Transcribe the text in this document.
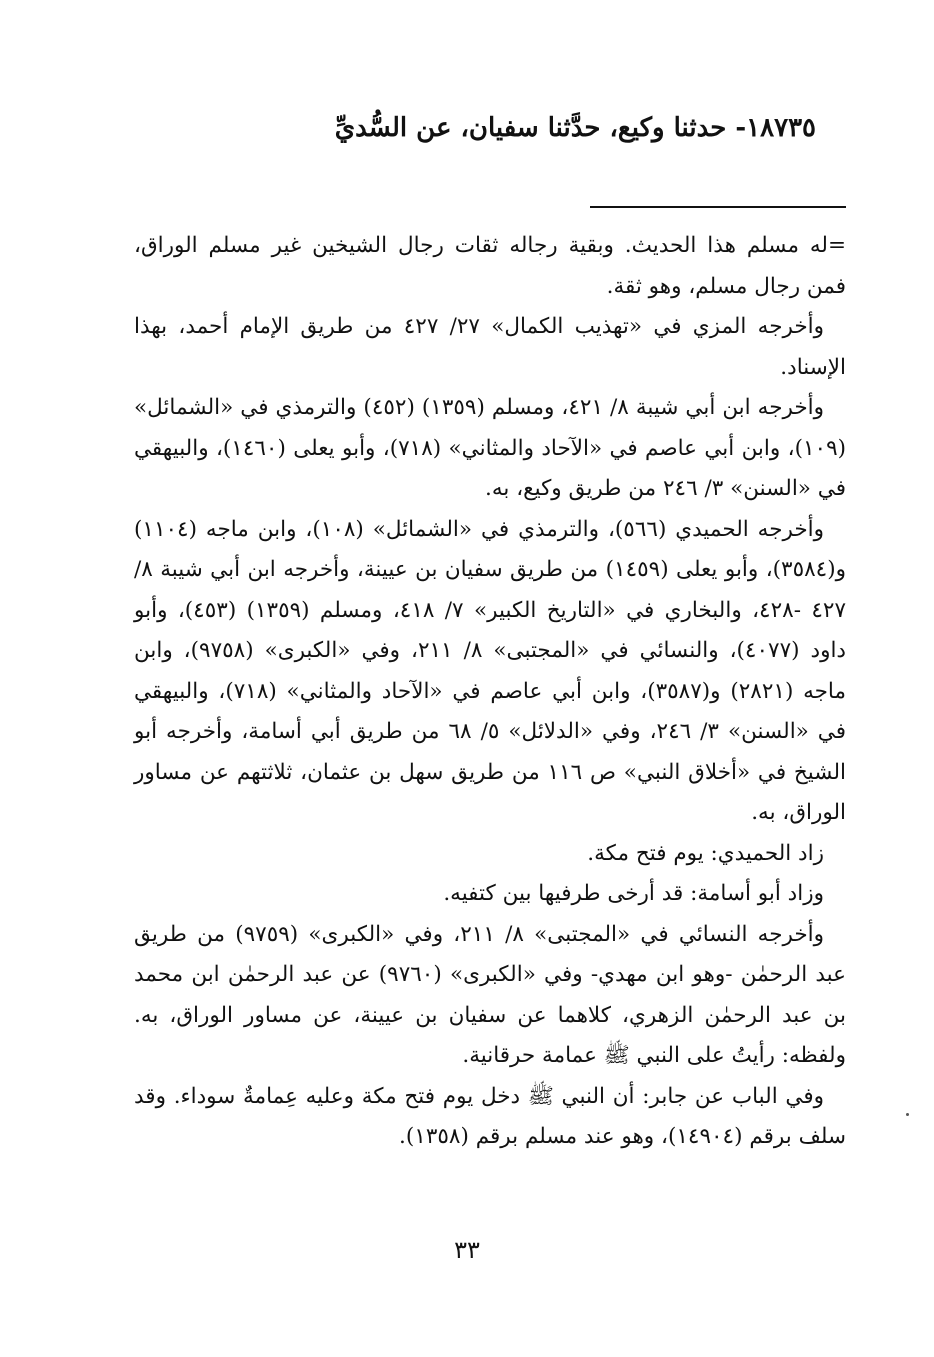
١٨٧٣٥- حدثنا وكيع، حدَّثنا سفيان، عن السُّديِّ

=له مسلم هذا الحديث. وبقية رجاله ثقات رجال الشيخين غير مسلم الوراق، فمن رجال مسلم، وهو ثقة.

وأخرجه المزي في «تهذيب الكمال» ٢٧/ ٤٢٧ من طريق الإمام أحمد، بهذا الإسناد.

وأخرجه ابن أبي شيبة ٨/ ٤٢١، ومسلم (١٣٥٩) (٤٥٢) والترمذي في «الشمائل» (١٠٩)، وابن أبي عاصم في «الآحاد والمثاني» (٧١٨)، وأبو يعلى (١٤٦٠)، والبيهقي في «السنن» ٣/ ٢٤٦ من طريق وكيع، به.

وأخرجه الحميدي (٥٦٦)، والترمذي في «الشمائل» (١٠٨)، وابن ماجه (١١٠٤) و(٣٥٨٤)، وأبو يعلى (١٤٥٩) من طريق سفيان بن عيينة، وأخرجه ابن أبي شيبة ٨/ ٤٢٧ -٤٢٨، والبخاري في «التاريخ الكبير» ٧/ ٤١٨، ومسلم (١٣٥٩) (٤٥٣)، وأبو داود (٤٠٧٧)، والنسائي في «المجتبى» ٨/ ٢١١، وفي «الكبرى» (٩٧٥٨)، وابن ماجه (٢٨٢١) و(٣٥٨٧)، وابن أبي عاصم في «الآحاد والمثاني» (٧١٨)، والبيهقي في «السنن» ٣/ ٢٤٦، وفي «الدلائل» ٥/ ٦٨ من طريق أبي أسامة، وأخرجه أبو الشيخ في «أخلاق النبي» ص ١١٦ من طريق سهل بن عثمان، ثلاثتهم عن مساور الوراق، به.

زاد الحميدي: يوم فتح مكة.

وزاد أبو أسامة: قد أرخى طرفيها بين كتفيه.

وأخرجه النسائي في «المجتبى» ٨/ ٢١١، وفي «الكبرى» (٩٧٥٩) من طريق عبد الرحمٰن -وهو ابن مهدي- وفي «الكبرى» (٩٧٦٠) عن عبد الرحمٰن ابن محمد بن عبد الرحمٰن الزهري، كلاهما عن سفيان بن عيينة، عن مساور الوراق، به. ولفظه: رأيتُ على النبي ﷺ عمامة حرقانية.

وفي الباب عن جابر: أن النبي ﷺ دخل يوم فتح مكة وعليه عِمامةٌ سوداء. وقد سلف برقم (١٤٩٠٤)، وهو عند مسلم برقم (١٣٥٨).

٣٣
